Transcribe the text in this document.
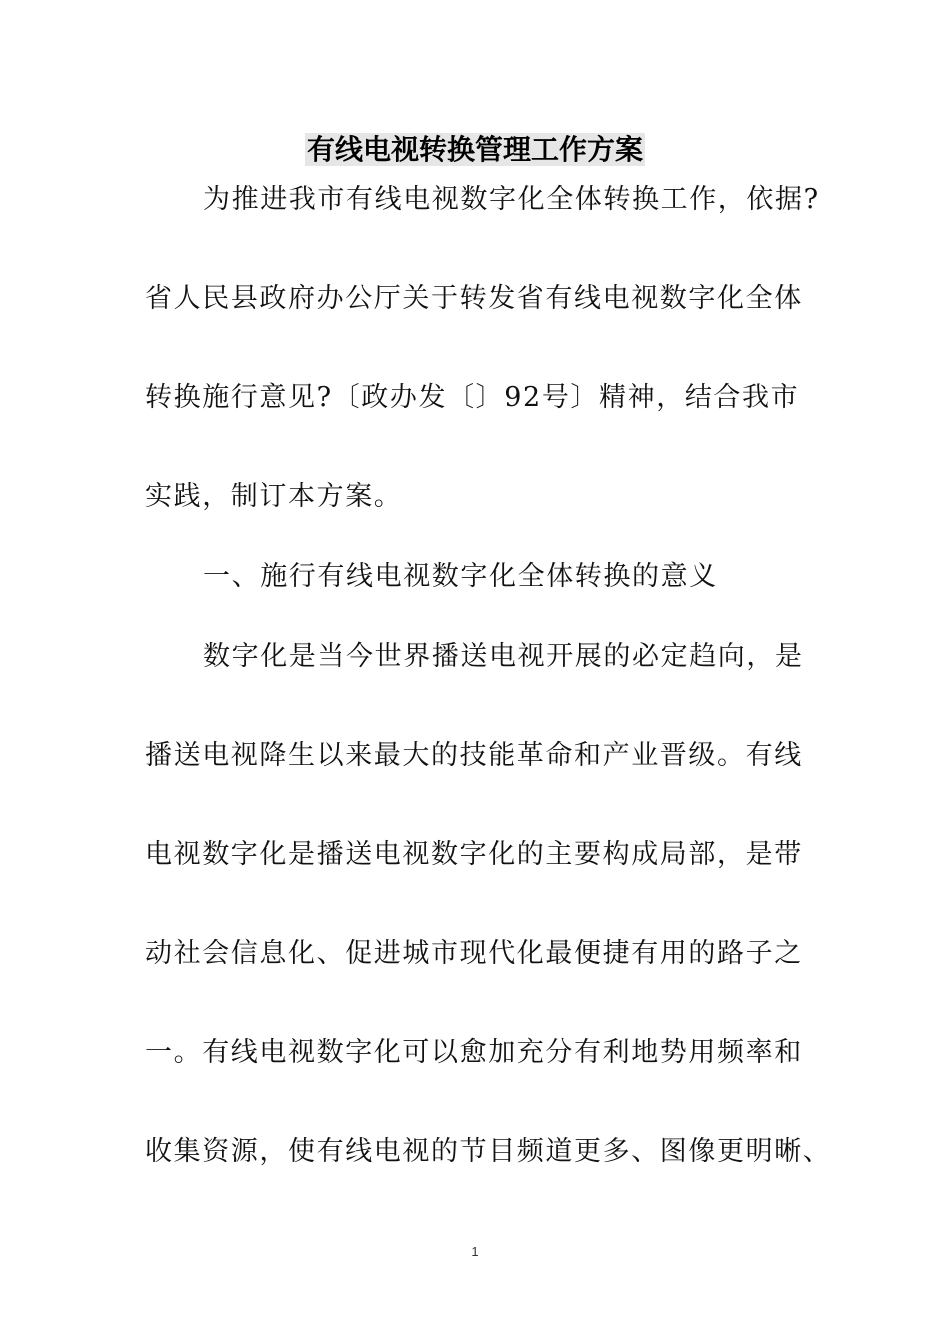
有线电视转换管理工作方案
为推进我市有线电视数字化全体转换工作，依据?
省人民县政府办公厅关于转发省有线电视数字化全体
转换施行意见?〔政办发〔〕92号〕精神，结合我市
实践，制订本方案。
一、施行有线电视数字化全体转换的意义
数字化是当今世界播送电视开展的必定趋向，是
播送电视降生以来最大的技能革命和产业晋级。有线
电视数字化是播送电视数字化的主要构成局部，是带
动社会信息化、促进城市现代化最便捷有用的路子之
一。有线电视数字化可以愈加充分有利地势用频率和
收集资源，使有线电视的节目频道更多、图像更明晰、
1
